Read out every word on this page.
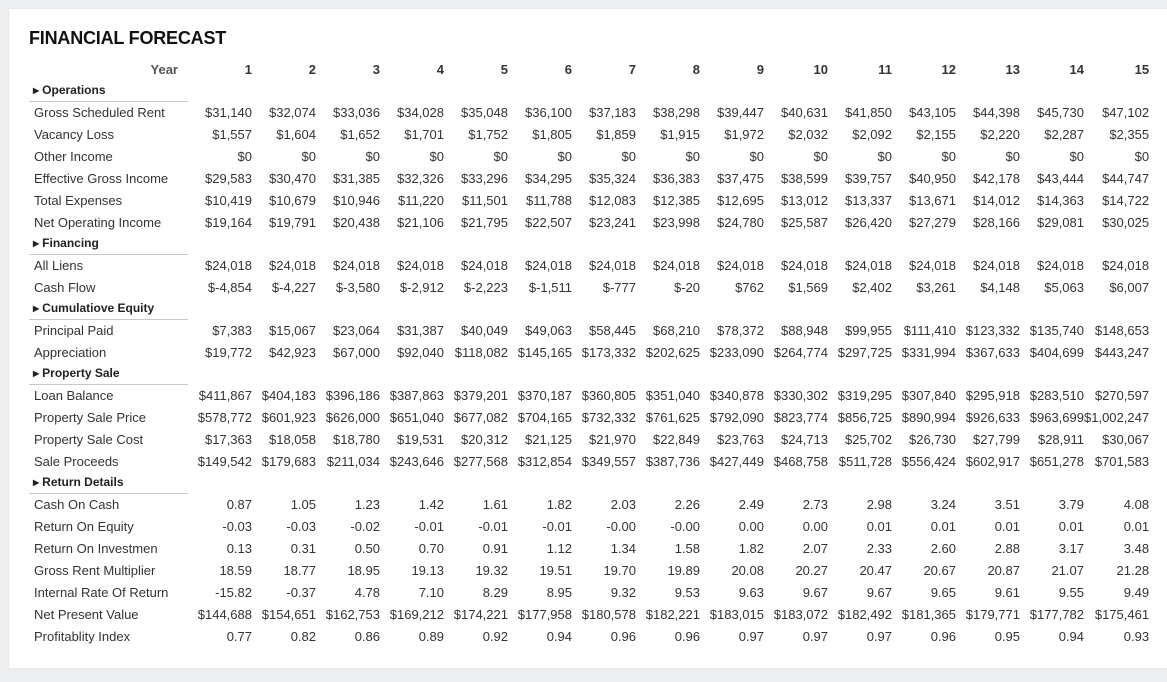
FINANCIAL FORECAST
Year	1	2	3	4	5	6	7	8	9	10	11	12	13	14	15
▶ Operations															
Gross Scheduled Rent	$31,140	$32,074	$33,036	$34,028	$35,048	$36,100	$37,183	$38,298	$39,447	$40,631	$41,850	$43,105	$44,398	$45,730	$47,102
Vacancy Loss	$1,557	$1,604	$1,652	$1,701	$1,752	$1,805	$1,859	$1,915	$1,972	$2,032	$2,092	$2,155	$2,220	$2,287	$2,355
Other Income	$0	$0	$0	$0	$0	$0	$0	$0	$0	$0	$0	$0	$0	$0	$0
Effective Gross Income	$29,583	$30,470	$31,385	$32,326	$33,296	$34,295	$35,324	$36,383	$37,475	$38,599	$39,757	$40,950	$42,178	$43,444	$44,747
Total Expenses	$10,419	$10,679	$10,946	$11,220	$11,501	$11,788	$12,083	$12,385	$12,695	$13,012	$13,337	$13,671	$14,012	$14,363	$14,722
Net Operating Income	$19,164	$19,791	$20,438	$21,106	$21,795	$22,507	$23,241	$23,998	$24,780	$25,587	$26,420	$27,279	$28,166	$29,081	$30,025
▶ Financing															
All Liens	$24,018	$24,018	$24,018	$24,018	$24,018	$24,018	$24,018	$24,018	$24,018	$24,018	$24,018	$24,018	$24,018	$24,018	$24,018
Cash Flow	$-4,854	$-4,227	$-3,580	$-2,912	$-2,223	$-1,511	$-777	$-20	$762	$1,569	$2,402	$3,261	$4,148	$5,063	$6,007
▶ Cumulatiove Equity															
Principal Paid	$7,383	$15,067	$23,064	$31,387	$40,049	$49,063	$58,445	$68,210	$78,372	$88,948	$99,955	$111,410	$123,332	$135,740	$148,653
Appreciation	$19,772	$42,923	$67,000	$92,040	$118,082	$145,165	$173,332	$202,625	$233,090	$264,774	$297,725	$331,994	$367,633	$404,699	$443,247
▶ Property Sale															
Loan Balance	$411,867	$404,183	$396,186	$387,863	$379,201	$370,187	$360,805	$351,040	$340,878	$330,302	$319,295	$307,840	$295,918	$283,510	$270,597
Property Sale Price	$578,772	$601,923	$626,000	$651,040	$677,082	$704,165	$732,332	$761,625	$792,090	$823,774	$856,725	$890,994	$926,633	$963,699	$1,002,247
Property Sale Cost	$17,363	$18,058	$18,780	$19,531	$20,312	$21,125	$21,970	$22,849	$23,763	$24,713	$25,702	$26,730	$27,799	$28,911	$30,067
Sale Proceeds	$149,542	$179,683	$211,034	$243,646	$277,568	$312,854	$349,557	$387,736	$427,449	$468,758	$511,728	$556,424	$602,917	$651,278	$701,583
▶ Return Details															
Cash On Cash	0.87	1.05	1.23	1.42	1.61	1.82	2.03	2.26	2.49	2.73	2.98	3.24	3.51	3.79	4.08
Return On Equity	-0.03	-0.03	-0.02	-0.01	-0.01	-0.01	-0.00	-0.00	0.00	0.00	0.01	0.01	0.01	0.01	0.01
Return On Investmen	0.13	0.31	0.50	0.70	0.91	1.12	1.34	1.58	1.82	2.07	2.33	2.60	2.88	3.17	3.48
Gross Rent Multiplier	18.59	18.77	18.95	19.13	19.32	19.51	19.70	19.89	20.08	20.27	20.47	20.67	20.87	21.07	21.28
Internal Rate Of Return	-15.82	-0.37	4.78	7.10	8.29	8.95	9.32	9.53	9.63	9.67	9.67	9.65	9.61	9.55	9.49
Net Present Value	$144,688	$154,651	$162,753	$169,212	$174,221	$177,958	$180,578	$182,221	$183,015	$183,072	$182,492	$181,365	$179,771	$177,782	$175,461
Profitablity Index	0.77	0.82	0.86	0.89	0.92	0.94	0.96	0.96	0.97	0.97	0.97	0.96	0.95	0.94	0.93
